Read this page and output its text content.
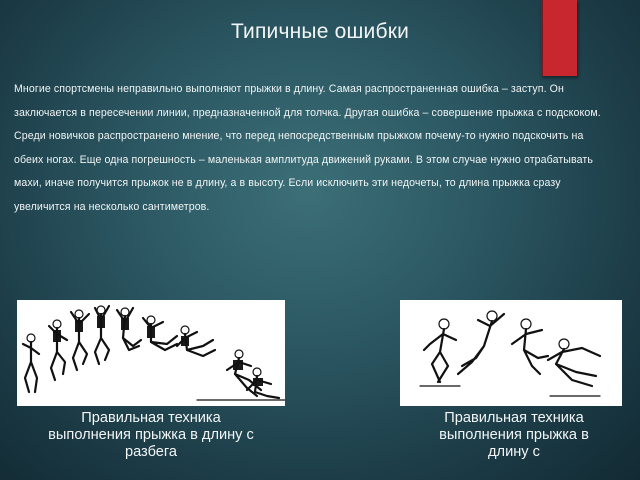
Типичные ошибки
Многие спортсмены неправильно выполняют прыжки в длину. Самая распространенная ошибка – заступ. Он заключается в пересечении линии, предназначенной для толчка. Другая ошибка – совершение прыжка с подскоком. Среди новичков распространено мнение, что перед непосредственным прыжком почему-то нужно подскочить на обеих ногах. Еще одна погрешность – маленькая амплитуда движений руками. В этом случае нужно отрабатывать махи, иначе получится прыжок не в длину, а в высоту. Если исключить эти недочеты, то длина прыжка сразу увеличится на несколько сантиметров.
Правильная техника выполнения прыжка в длину с разбега
Правильная техника выполнения прыжка в длину с
